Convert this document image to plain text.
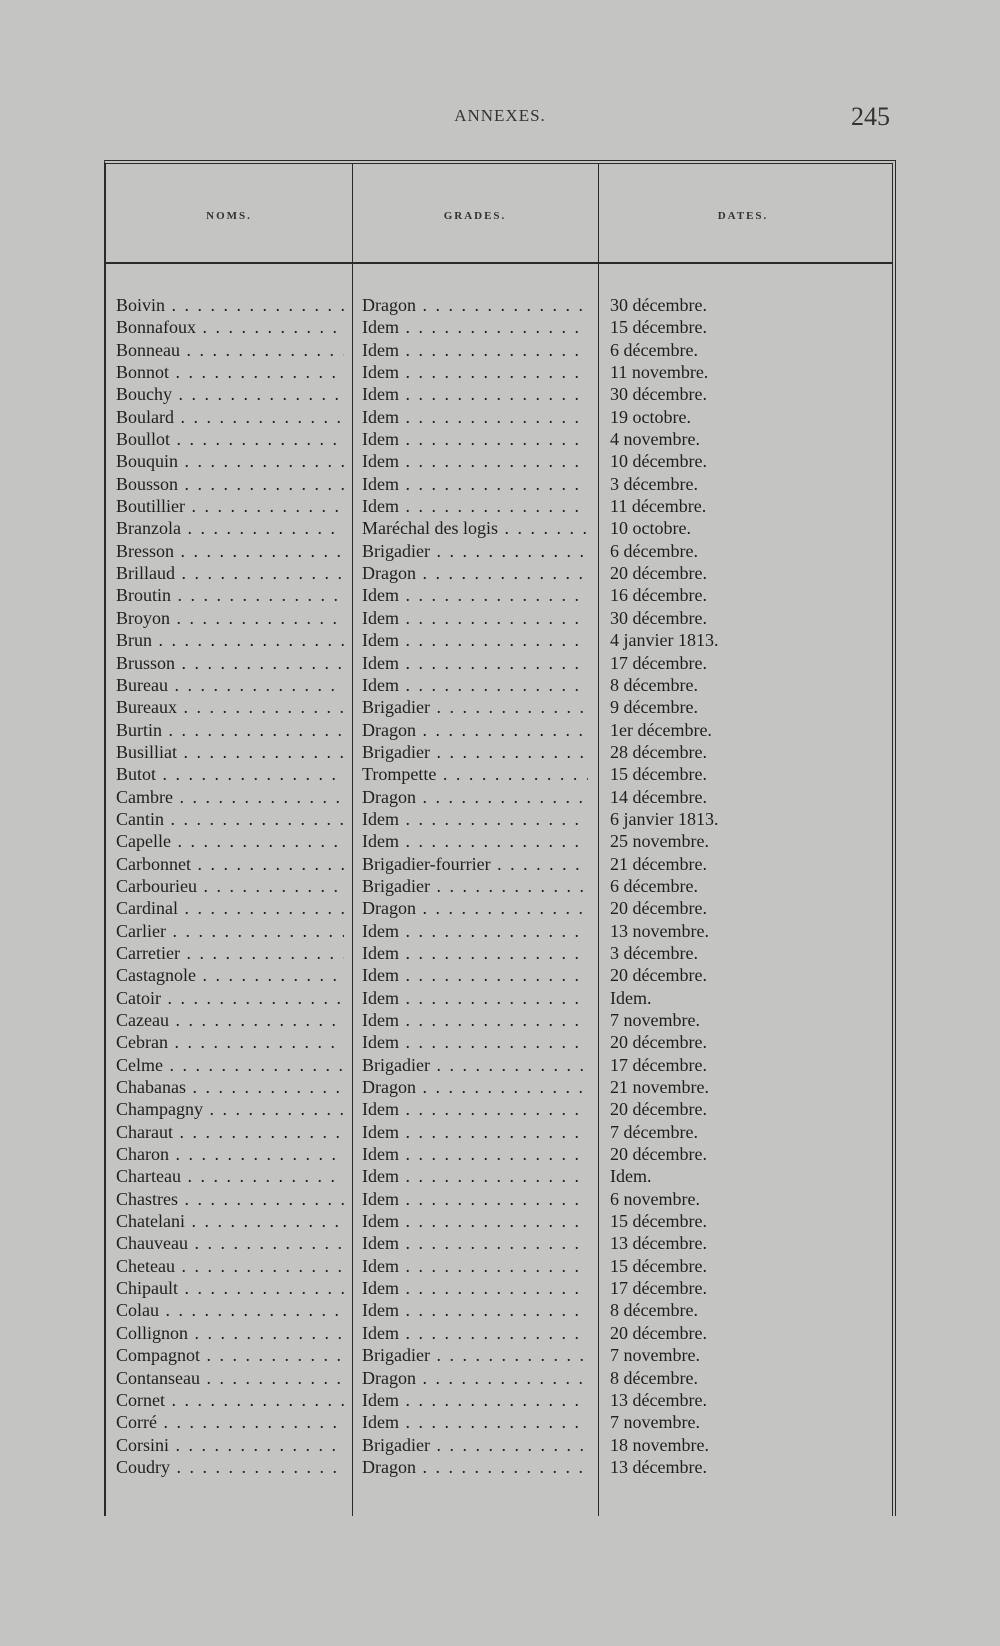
ANNEXES.	245
NOMS.	GRADES.	DATES.
Boivin . . .	Dragon . . .	30 décembre.
Bonnafoux . . .	Idem . . .	15 décembre.
Bonneau . . .	Idem . . .	6 décembre.
Bonnot . . .	Idem . . .	11 novembre.
Bouchy . . .	Idem . . .	30 décembre.
Boulard . . .	Idem . . .	19 octobre.
Boullot . . .	Idem . . .	4 novembre.
Bouquin . . .	Idem . . .	10 décembre.
Bousson . . .	Idem . . .	3 décembre.
Boutillier . . .	Idem . . .	11 décembre.
Branzola . . .	Maréchal des logis . . .	10 octobre.
Bresson . . .	Brigadier . . .	6 décembre.
Brillaud . . .	Dragon . . .	20 décembre.
Broutin . . .	Idem . . .	16 décembre.
Broyon . . .	Idem . . .	30 décembre.
Brun . . .	Idem . . .	4 janvier 1813.
Brusson . . .	Idem . . .	17 décembre.
Bureau . . .	Idem . . .	8 décembre.
Bureaux . . .	Brigadier . . .	9 décembre.
Burtin . . .	Dragon . . .	1er décembre.
Busilliat . . .	Brigadier . . .	28 décembre.
Butot . . .	Trompette . . .	15 décembre.
Cambre . . .	Dragon . . .	14 décembre.
Cantin . . .	Idem . . .	6 janvier 1813.
Capelle . . .	Idem . . .	25 novembre.
Carbonnet . . .	Brigadier-fourrier . . .	21 décembre.
Carbourieu . . .	Brigadier . . .	6 décembre.
Cardinal . . .	Dragon . . .	20 décembre.
Carlier . . .	Idem . . .	13 novembre.
Carretier . . .	Idem . . .	3 décembre.
Castagnole . . .	Idem . . .	20 décembre.
Catoir . . .	Idem . . .	Idem.
Cazeau . . .	Idem . . .	7 novembre.
Cebran . . .	Idem . . .	20 décembre.
Celme . . .	Brigadier . . .	17 décembre.
Chabanas . . .	Dragon . . .	21 novembre.
Champagny . . .	Idem . . .	20 décembre.
Charaut . . .	Idem . . .	7 décembre.
Charon . . .	Idem . . .	20 décembre.
Charteau . . .	Idem . . .	Idem.
Chastres . . .	Idem . . .	6 novembre.
Chatelani . . .	Idem . . .	15 décembre.
Chauveau . . .	Idem . . .	13 décembre.
Cheteau . . .	Idem . . .	15 décembre.
Chipault . . .	Idem . . .	17 décembre.
Colau . . .	Idem . . .	8 décembre.
Collignon . . .	Idem . . .	20 décembre.
Compagnot . . .	Brigadier . . .	7 novembre.
Contanseau . . .	Dragon . . .	8 décembre.
Cornet . . .	Idem . . .	13 décembre.
Corré . . .	Idem . . .	7 novembre.
Corsini . . .	Brigadier . . .	18 novembre.
Coudry . . .	Dragon . . .	13 décembre.
